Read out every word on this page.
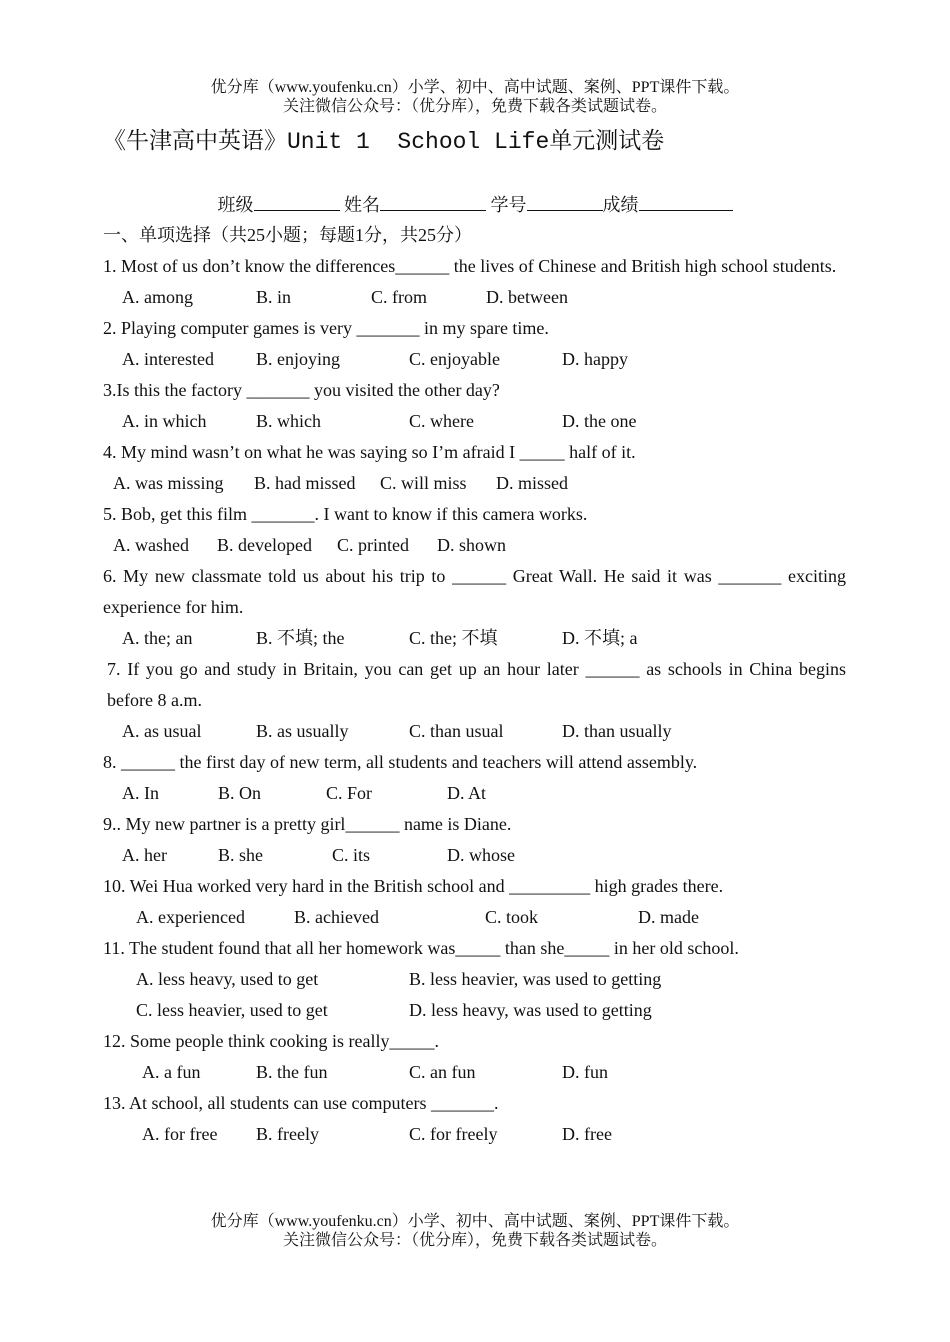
优分库（www.youfenku.cn）小学、初中、高中试题、案例、PPT课件下载。
关注微信公众号：（优分库），免费下载各类试题试卷。
《牛津高中英语》Unit 1  School Life单元测试卷
班级	姓名	学号	成绩
一、单项选择（共25小题；每题1分，共25分）
1. Most of us don’t know the differences______ the lives of Chinese and British high school students.
A. among	B. in	C. from	D. between
2. Playing computer games is very _______ in my spare time.
A. interested B. enjoying	C. enjoyable	D. happy
3.Is this the factory _______ you visited the other day?
A. in which	B. which	C. where	D. the one
4. My mind wasn’t on what he was saying so I’m afraid I _____ half of it.
A. was missing B. had missed C. will miss D. missed
5. Bob, get this film _______. I want to know if this camera works.
A. washed B. developed C. printed D. shown
6. My new classmate told us about his trip to ______ Great Wall. He said it was _______ exciting experience for him.
A. the; an	B. 不填; the	C. the; 不填	D. 不填; a
7. If you go and study in Britain, you can get up an hour later ______ as schools in China begins before 8 a.m.
A. as usual	B. as usually	C. than usual	D. than usually
8. ______ the first day of new term, all students and teachers will attend assembly.
A. In	B. On	C. For	D. At
9.. My new partner is a pretty girl______ name is Diane.
A. her	B. she	C. its	D. whose
10. Wei Hua worked very hard in the British school and _________ high grades there.
A. experienced	B. achieved	C. took	D. made
11. The student found that all her homework was_____ than she_____ in her old school.
A. less heavy, used to get	B. less heavier, was used to getting
C. less heavier, used to get	D. less heavy, was used to getting
12. Some people think cooking is really_____.
A. a fun	B. the fun	C. an fun	D. fun
13. At school, all students can use computers _______.
A. for free B. freely	C. for freely	D. free
优分库（www.youfenku.cn）小学、初中、高中试题、案例、PPT课件下载。
关注微信公众号：（优分库），免费下载各类试题试卷。
